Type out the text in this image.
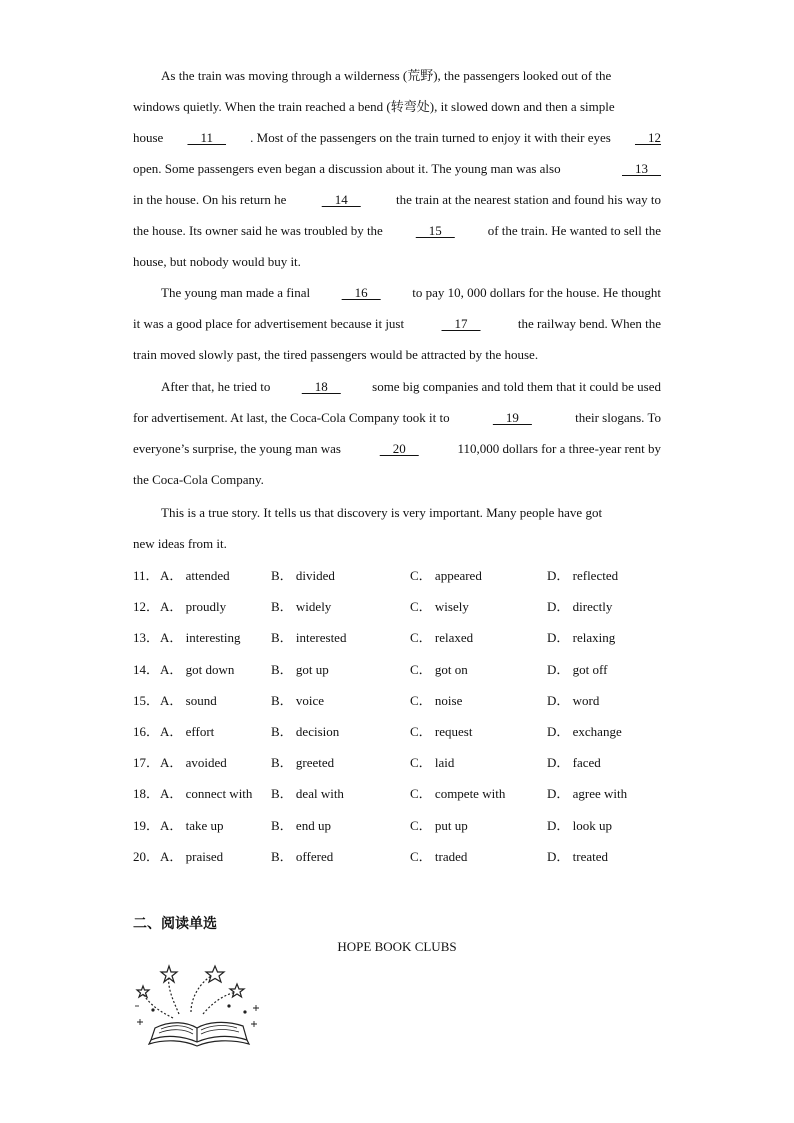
As the train was moving through a wilderness (荒野), the passengers looked out of the
windows quietly. When the train reached a bend (转弯处), it slowed down and then a simple
house 11 . Most of the passengers on the train turned to enjoy it with their eyes 12
open. Some passengers even began a discussion about it. The young man was also	13
in the house. On his return he	14	the train at the nearest station and found his way to
the house. Its owner said he was troubled by the	15	of the train. He wanted to sell the
house, but nobody would buy it.
The young man made a final 16 to pay 10, 000 dollars for the house. He thought
it was a good place for advertisement because it just	17	the railway bend. When the
train moved slowly past, the tired passengers would be attracted by the house.
After that, he tried to 18 some big companies and told them that it could be used
for advertisement. At last, the Coca-Cola Company took it to	19	their slogans. To
everyone’s surprise, the young man was	20	110,000 dollars for a three-year rent by
the Coca-Cola Company.
This is a true story. It tells us that discovery is very important. Many people have got
new ideas from it.
11． A． attended	B． divided	C． appeared	D． reflected
12． A． proudly	B． widely	C． wisely	D． directly
13． A． interesting B． interested	C． relaxed	D． relaxing
14． A． got down	B． got up	C． got on	D． got off
15． A． sound	B． voice	C． noise	D． word
16． A． effort	B． decision	C． request	D． exchange
17． A． avoided	B． greeted	C． laid	D． faced
18． A． connect with B． deal with	C． compete with	D． agree with
19． A． take up	B． end up	C． put up	D． look up
20． A． praised	B． offered	C． traded	D． treated
二、阅读单选
HOPE BOOK CLUBS
